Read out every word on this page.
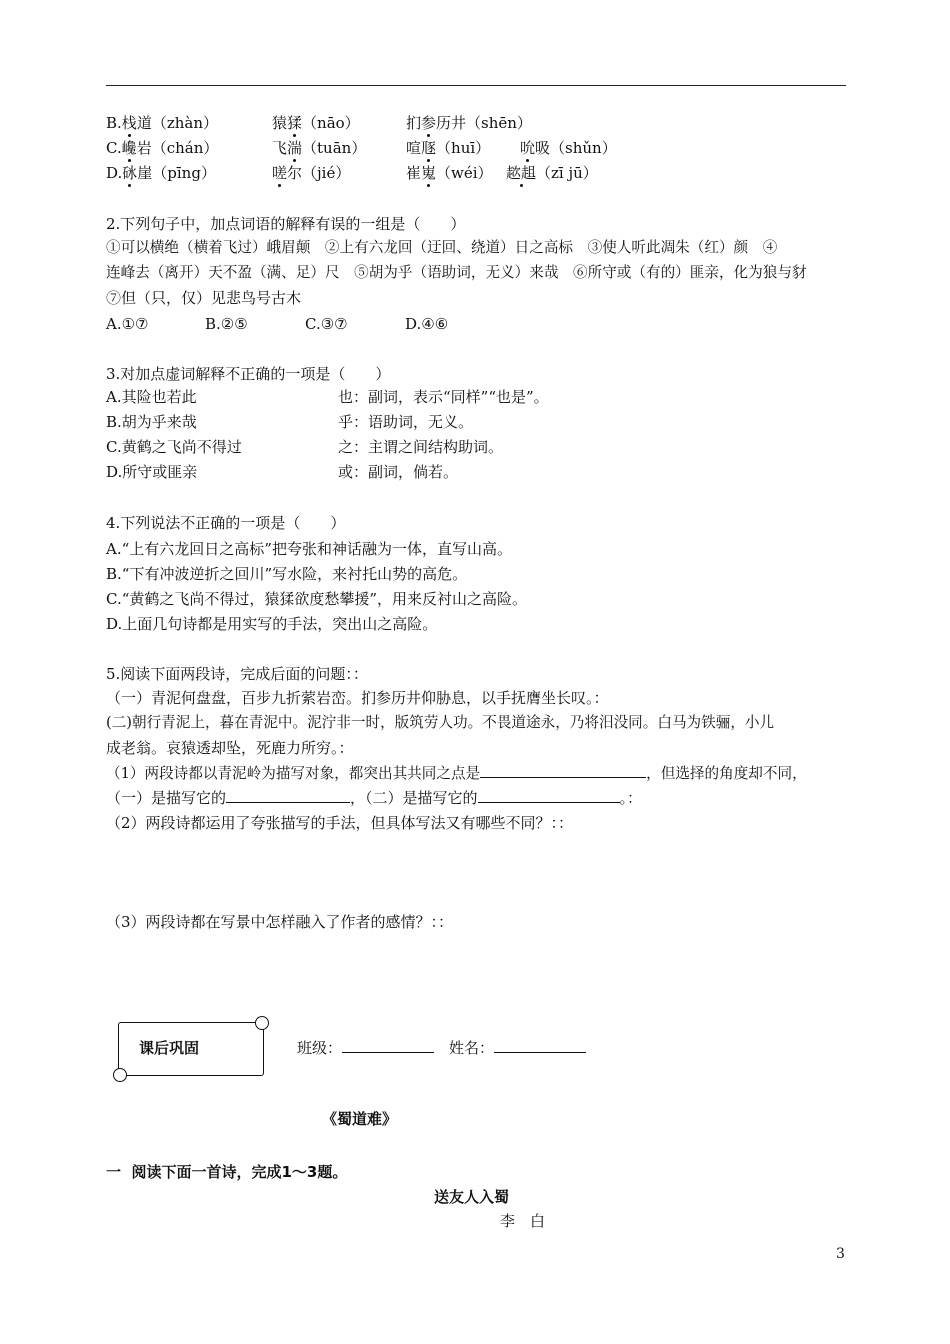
B.栈道（zhàn）	猿猱（nāo）	扪参历井（shēn）
C.巉岩（chán）	飞湍（tuān）	喧豗（huī） 吮吸（shǔn）
D.砯崖（pīng）	嗟尔（jié）	崔嵬（wéi） 趑趄（zī jū）
2.下列句子中，加点词语的解释有误的一组是（　　）
①可以横绝（横着飞过）峨眉颠　②上有六龙回（迂回、绕道）日之高标　③使人听此凋朱（红）颜　④
连峰去（离开）天不盈（满、足）尺　⑤胡为乎（语助词，无义）来哉　⑥所守或（有的）匪亲，化为狼与豺
⑦但（只，仅）见悲鸟号古木
A.①⑦	B.②⑤	C.③⑦	D.④⑥
3.对加点虚词解释不正确的一项是（　　）
A.其险也若此	也：副词，表示“同样”“也是”。
B.胡为乎来哉	乎：语助词，无义。
C.黄鹤之飞尚不得过	之：主谓之间结构助词。
D.所守或匪亲	或：副词，倘若。
4.下列说法不正确的一项是（　　）
A.“上有六龙回日之高标”把夸张和神话融为一体，直写山高。
B.“下有冲波逆折之回川”写水险，来衬托山势的高危。
C.“黄鹤之飞尚不得过，猿猱欲度愁攀援”，用来反衬山之高险。
D.上面几句诗都是用实写的手法，突出山之高险。
5.阅读下面两段诗，完成后面的问题：：
（一）青泥何盘盘，百步九折萦岩峦。扪参历井仰胁息，以手抚膺坐长叹。：
(二)朝行青泥上，暮在青泥中。泥泞非一时，版筑劳人功。不畏道途永，乃将汨没同。白马为铁骊，小儿
成老翁。哀猿透却坠，死鹿力所穷。：
（1）两段诗都以青泥岭为描写对象，都突出其共同之点是	，但选择的角度却不同，
（一）是描写它的	，（二）是描写它的	。：
（2）两段诗都运用了夸张描写的手法，但具体写法又有哪些不同？：：
（3）两段诗都在写景中怎样融入了作者的感情？：：
课后巩固	班级：　	姓名：
《蜀道难》
一  阅读下面一首诗，完成1～3题。
送友人入蜀
李　白
3
